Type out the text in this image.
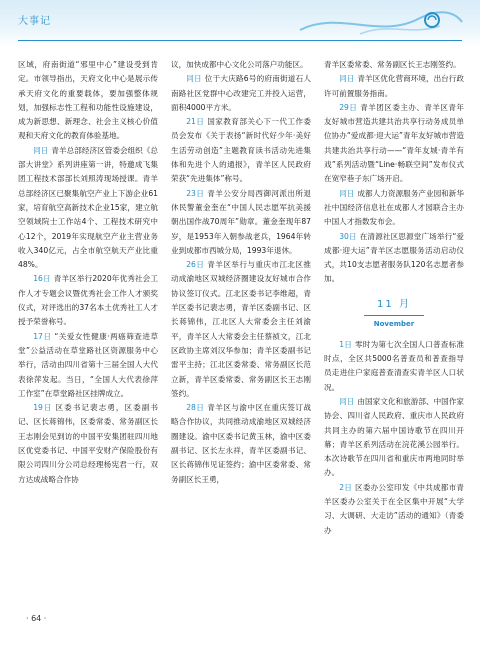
大事记

区域，府南街道“邪里中心”建设受到肯定。市领导指出，天府文化中心是展示传承天府文化的重要载体，要加强整体规划，加强标志性工程和功能性设施建设，成为新思想、新理念、社会主义核心价值观和天府文化的教育体验基地。

同日 青羊总部经济区管委会组织《总部大讲堂》系列讲座第一讲，特邀成飞集团工程技术部部长刘照涛现场授课。青羊总部经济区已聚集航空产业上下游企业61家，培育航空高新技术企业15家，建立航空领域院士工作站4个、工程技术研究中心12个，2019年实现航空产业主营业务收入340亿元，占全市航空航天产业比重48%。

16日 青羊区举行2020年优秀社会工作人才专题会议暨优秀社会工作人才颁奖仪式，对评选出的37名本土优秀社工人才授予荣誉称号。

17日 “关爱女性健康·两癌筛查进草堂”公益活动在草堂路社区资源服务中心举行，活动由四川省第十三届全国人大代表徐萍发起。当日，“全国人大代表徐萍工作室”在草堂路社区挂牌成立。

19日 区委书记裴志勇，区委副书记、区长蒋锦伟，区委常委、常务副区长王志刚会见到访的中国平安集团驻四川地区优党委书记、中国平安财产保险股份有限公司四川分公司总经理杨宪君一行，双方达成战略合作协

议，加快成都中心文化公司落户功能区。

同日 位于大庆路6号的府南街道石人南路社区党群中心改建完工并投入运营，面积4000平方米。

21日 国家教育部关心下一代工作委员会发布《关于表扬“新时代好少年·美好生活劳动创造”主题教育读书活动先进集体和先进个人的通报》，青羊区人民政府荣获“先进集体”称号。

23日 青羊公安分局西御河派出所退休民警董金奎在“中国人民志愿军抗美援朝出国作战70周年”勋章。董金奎现年87岁，是1953年入朝参战老兵，1964年转业到成都市西城分局，1993年退休。

26日 青羊区举行与重庆市江北区推动成渝地区双城经济圈建设友好城市合作协议签订仪式。江北区委书记李维超，青羊区委书记裴志勇，青羊区委副书记、区长蒋锦伟，江北区人大常委会主任刘渝平，青羊区人大常委会主任蔡祯文，江北区政协主席刘汉华参加；青羊区委副书记雷平主持；江北区委常委、常务副区长范立新，青羊区委常委、常务副区长王志刚签约。

28日 青羊区与渝中区在重庆签订战略合作协议，共同推动成渝地区双城经济圈建设。渝中区委书记黄玉林，渝中区委副书记、区长左永祥，青羊区委副书记、区长蒋锦伟见证签约；渝中区委常委、常务副区长王勇，

青羊区委常委、常务副区长王志刚签约。

同日 青羊区优化营商环境，出台行政许可前置服务指南。

29日 青羊团区委主办、青羊区青年友好城市营造共建共治共享行动务成员单位协办“爱成都·迎大运”青年友好城市营造共建共治共享行动——“青年友城·青羊有戏”系列活动暨“Line·畅联空间”发布仪式在宽窄巷子东广场开启。

同日 成都人力资源服务产业园和新华社中国经济信息社在成都人才园联合主办中国人才指数发布会。

30日 在清源社区思源堂广场举行“爱成都·迎大运”青羊区志愿服务活动启动仪式，共10支志愿者服务队120名志愿者参加。

11 月
November

1日 零时为第七次全国人口普查标准时点，全区共5000名普查员和普查指导员走进住户家庭普查清查实青羊区人口状况。

同日 由国家文化和旅游部、中国作家协会、四川省人民政府、重庆市人民政府共同主办的第六届中国诗歌节在四川开幕；青羊区系列活动在浣花溪公园举行。本次诗歌节在四川省和重庆市两地同时举办。

2日 区委办公室印发《中共成都市青羊区委办公室关于在全区集中开展“大学习、大调研、大走访”活动的通知》（青委办

· 64 ·
